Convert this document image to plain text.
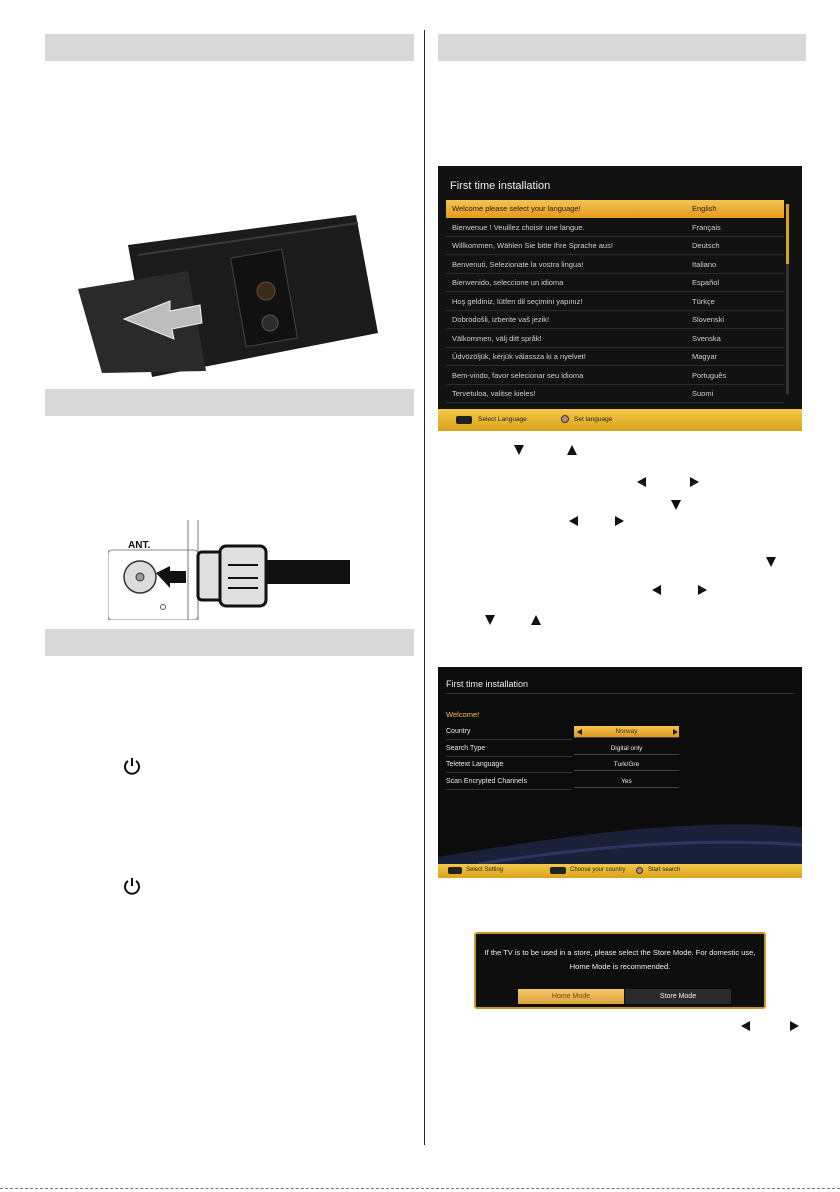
ANT.
First time installation
Welcome please select your language!	English
Bienvenue ! Veuillez choisir une langue.	Français
Willkommen, Wählen Sie bitte Ihre Sprache aus!	Deutsch
Benvenuti, Selezionate la vostra lingua!	Italiano
Bienvenido, seleccione un idioma	Español
Hoş geldiniz, lütfen dil seçimini yapınız!	Türkçe
Dobrodošli, izberite vaš jezik!	Slovenski
Välkommen, välj ditt språk!	Svenska
Üdvözöljük, kérjük válassza ki a nyelvet!	Magyar
Bem-vindo, favor selecionar seu idioma	Português
Tervetuloa, valitse kieles!	Suomi
Select Language	Set language
First time installation
Welcome!
Country	Norway
Search Type	Digital only
Teletext Language	Turk/Gre
Scan Encrypted Channels	Yes
Select Setting	Choose your country	Start search
If the TV is to be used in a store, please select the Store Mode. For domestic use,
Home Mode is recommended.
Home Mode	Store Mode
